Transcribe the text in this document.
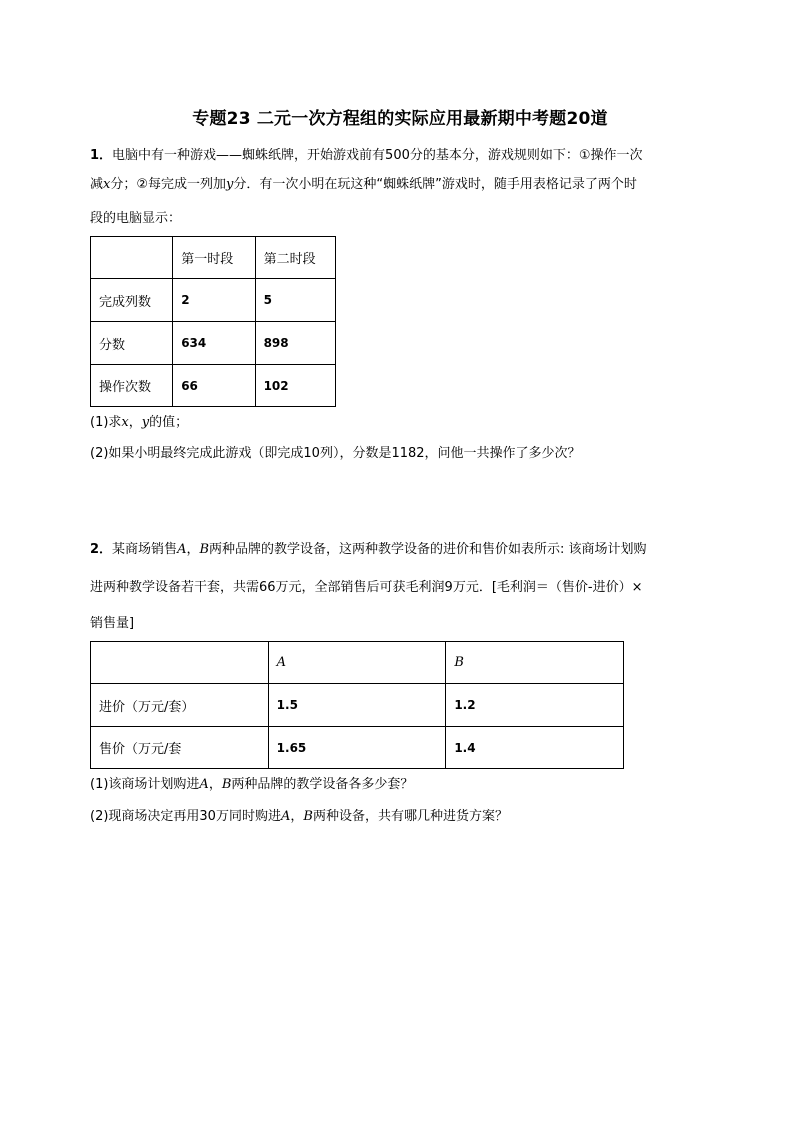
专题23 二元一次方程组的实际应用最新期中考题20道
1．电脑中有一种游戏——蜘蛛纸牌，开始游戏前有500分的基本分，游戏规则如下：①操作一次
减x分；②每完成一列加y分．有一次小明在玩这种“蜘蛛纸牌”游戏时，随手用表格记录了两个时
段的电脑显示：
	第一时段	第二时段
完成列数	2	5
分数	634	898
操作次数	66	102
(1)求x，y的值；
(2)如果小明最终完成此游戏（即完成10列），分数是1182，问他一共操作了多少次？
2．某商场销售A，B两种品牌的教学设备，这两种教学设备的进价和售价如表所示: 该商场计划购
进两种教学设备若干套，共需66万元，全部销售后可获毛利润9万元．[毛利润＝（售价-进价）×
销售量]
	A	B
进价（万元/套）	1.5	1.2
售价（万元/套	1.65	1.4
(1)该商场计划购进A，B两种品牌的教学设备各多少套？
(2)现商场决定再用30万同时购进A，B两种设备，共有哪几种进货方案？
